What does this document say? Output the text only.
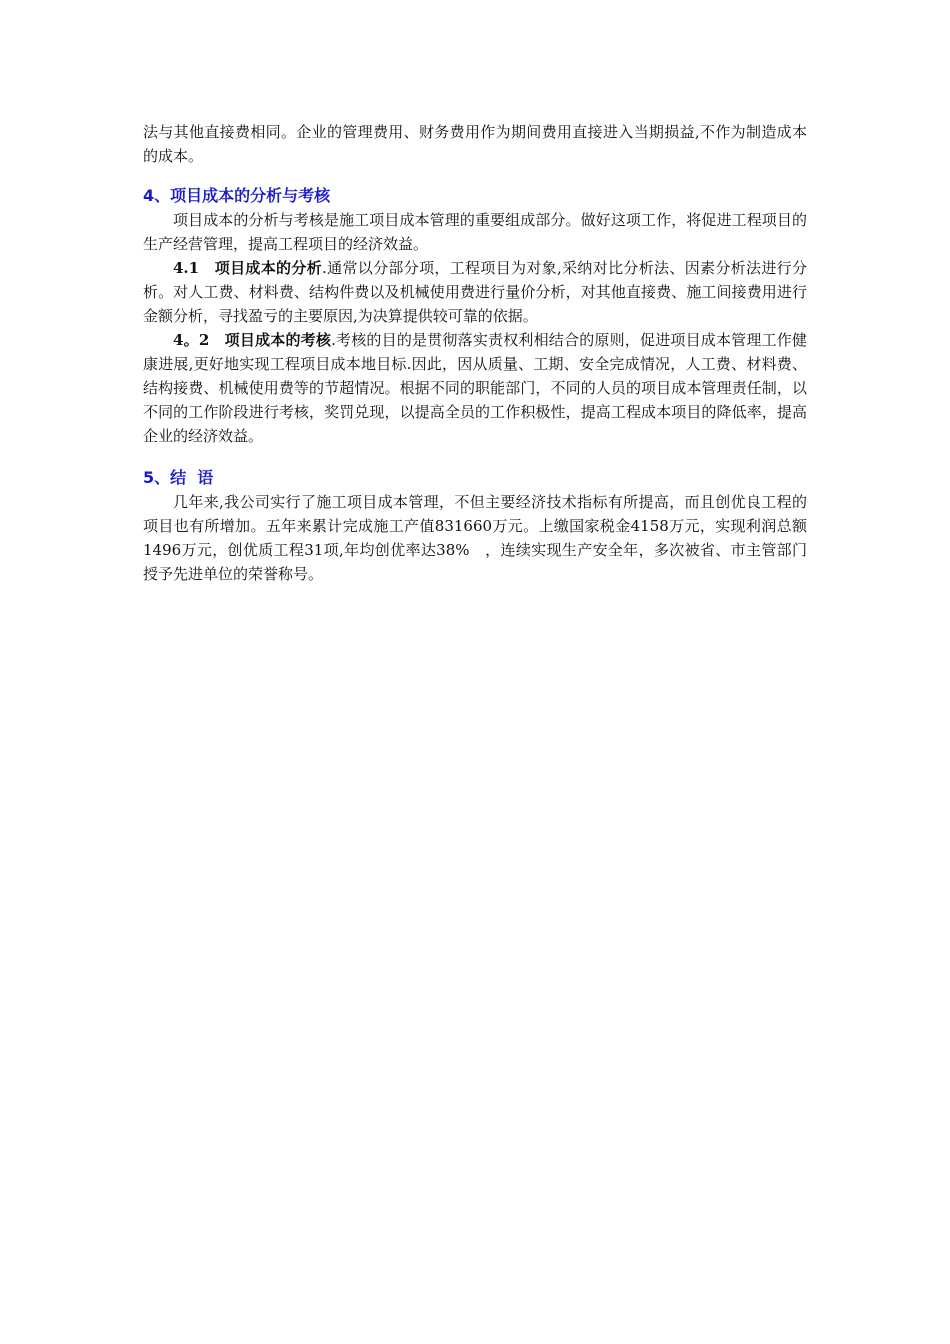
法与其他直接费相同。企业的管理费用、财务费用作为期间费用直接进入当期损益,不作为制造成本的成本。

4、项目成本的分析与考核

项目成本的分析与考核是施工项目成本管理的重要组成部分。做好这项工作，将促进工程项目的生产经营管理，提高工程项目的经济效益。

4.1　项目成本的分析.通常以分部分项，工程项目为对象,采纳对比分析法、因素分析法进行分析。对人工费、材料费、结构件费以及机械使用费进行量价分析，对其他直接费、施工间接费用进行金额分析，寻找盈亏的主要原因,为决算提供较可靠的依据。

4。2　项目成本的考核.考核的目的是贯彻落实责权利相结合的原则，促进项目成本管理工作健康进展,更好地实现工程项目成本地目标.因此，因从质量、工期、安全完成情况，人工费、材料费、结构接费、机械使用费等的节超情况。根据不同的职能部门，不同的人员的项目成本管理责任制，以不同的工作阶段进行考核，奖罚兑现，以提高全员的工作积极性，提高工程成本项目的降低率，提高企业的经济效益。

5、结  语

几年来,我公司实行了施工项目成本管理，不但主要经济技术指标有所提高，而且创优良工程的项目也有所增加。五年来累计完成施工产值831660万元。上缴国家税金4158万元，实现利润总额1496万元，创优质工程31项,年均创优率达38%　，连续实现生产安全年，多次被省、市主管部门授予先进单位的荣誉称号。
